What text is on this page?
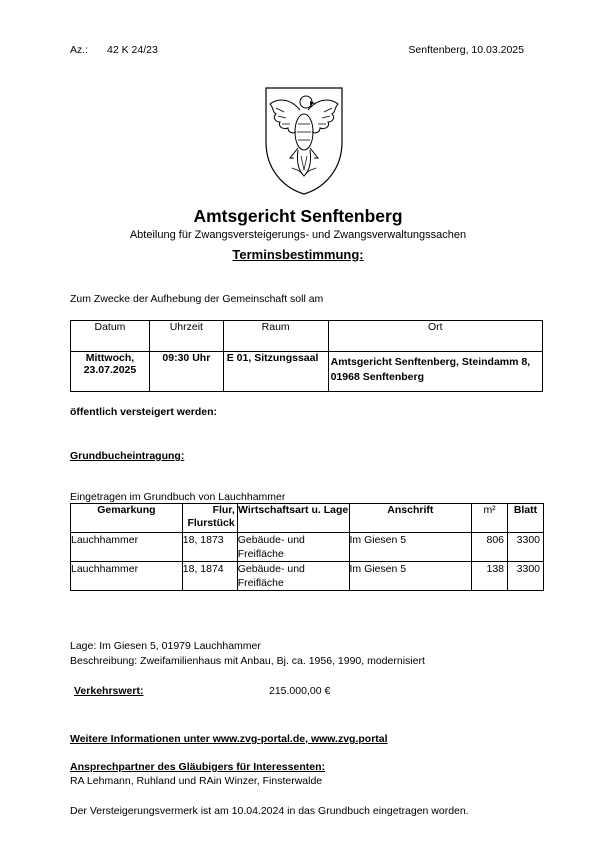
Az.: 42 K 24/23	Senftenberg, 10.03.2025
Amtsgericht Senftenberg
Abteilung für Zwangsversteigerungs- und Zwangsverwaltungssachen
Terminsbestimmung:
Zum Zwecke der Aufhebung der Gemeinschaft soll am
Datum	Uhrzeit	Raum	Ort
Mittwoch, 23.07.2025	09:30 Uhr	E 01, Sitzungssaal	Amtsgericht Senftenberg, Steindamm 8, 01968 Senftenberg
öffentlich versteigert werden:
Grundbucheintragung:
Eingetragen im Grundbuch von Lauchhammer
Gemarkung	Flur, Flurstück	Wirtschaftsart u. Lage	Anschrift	m²	Blatt
Lauchhammer	18, 1873	Gebäude- und Freifläche	Im Giesen 5	806	3300
Lauchhammer	18, 1874	Gebäude- und Freifläche	Im Giesen 5	138	3300
Lage: Im Giesen 5, 01979 Lauchhammer
Beschreibung: Zweifamilienhaus mit Anbau, Bj. ca. 1956, 1990, modernisiert
Verkehrswert:	215.000,00 €
Weitere Informationen unter www.zvg-portal.de, www.zvg.portal
Ansprechpartner des Gläubigers für Interessenten:
RA Lehmann, Ruhland und RAin Winzer, Finsterwalde
Der Versteigerungsvermerk ist am 10.04.2024 in das Grundbuch eingetragen worden.
